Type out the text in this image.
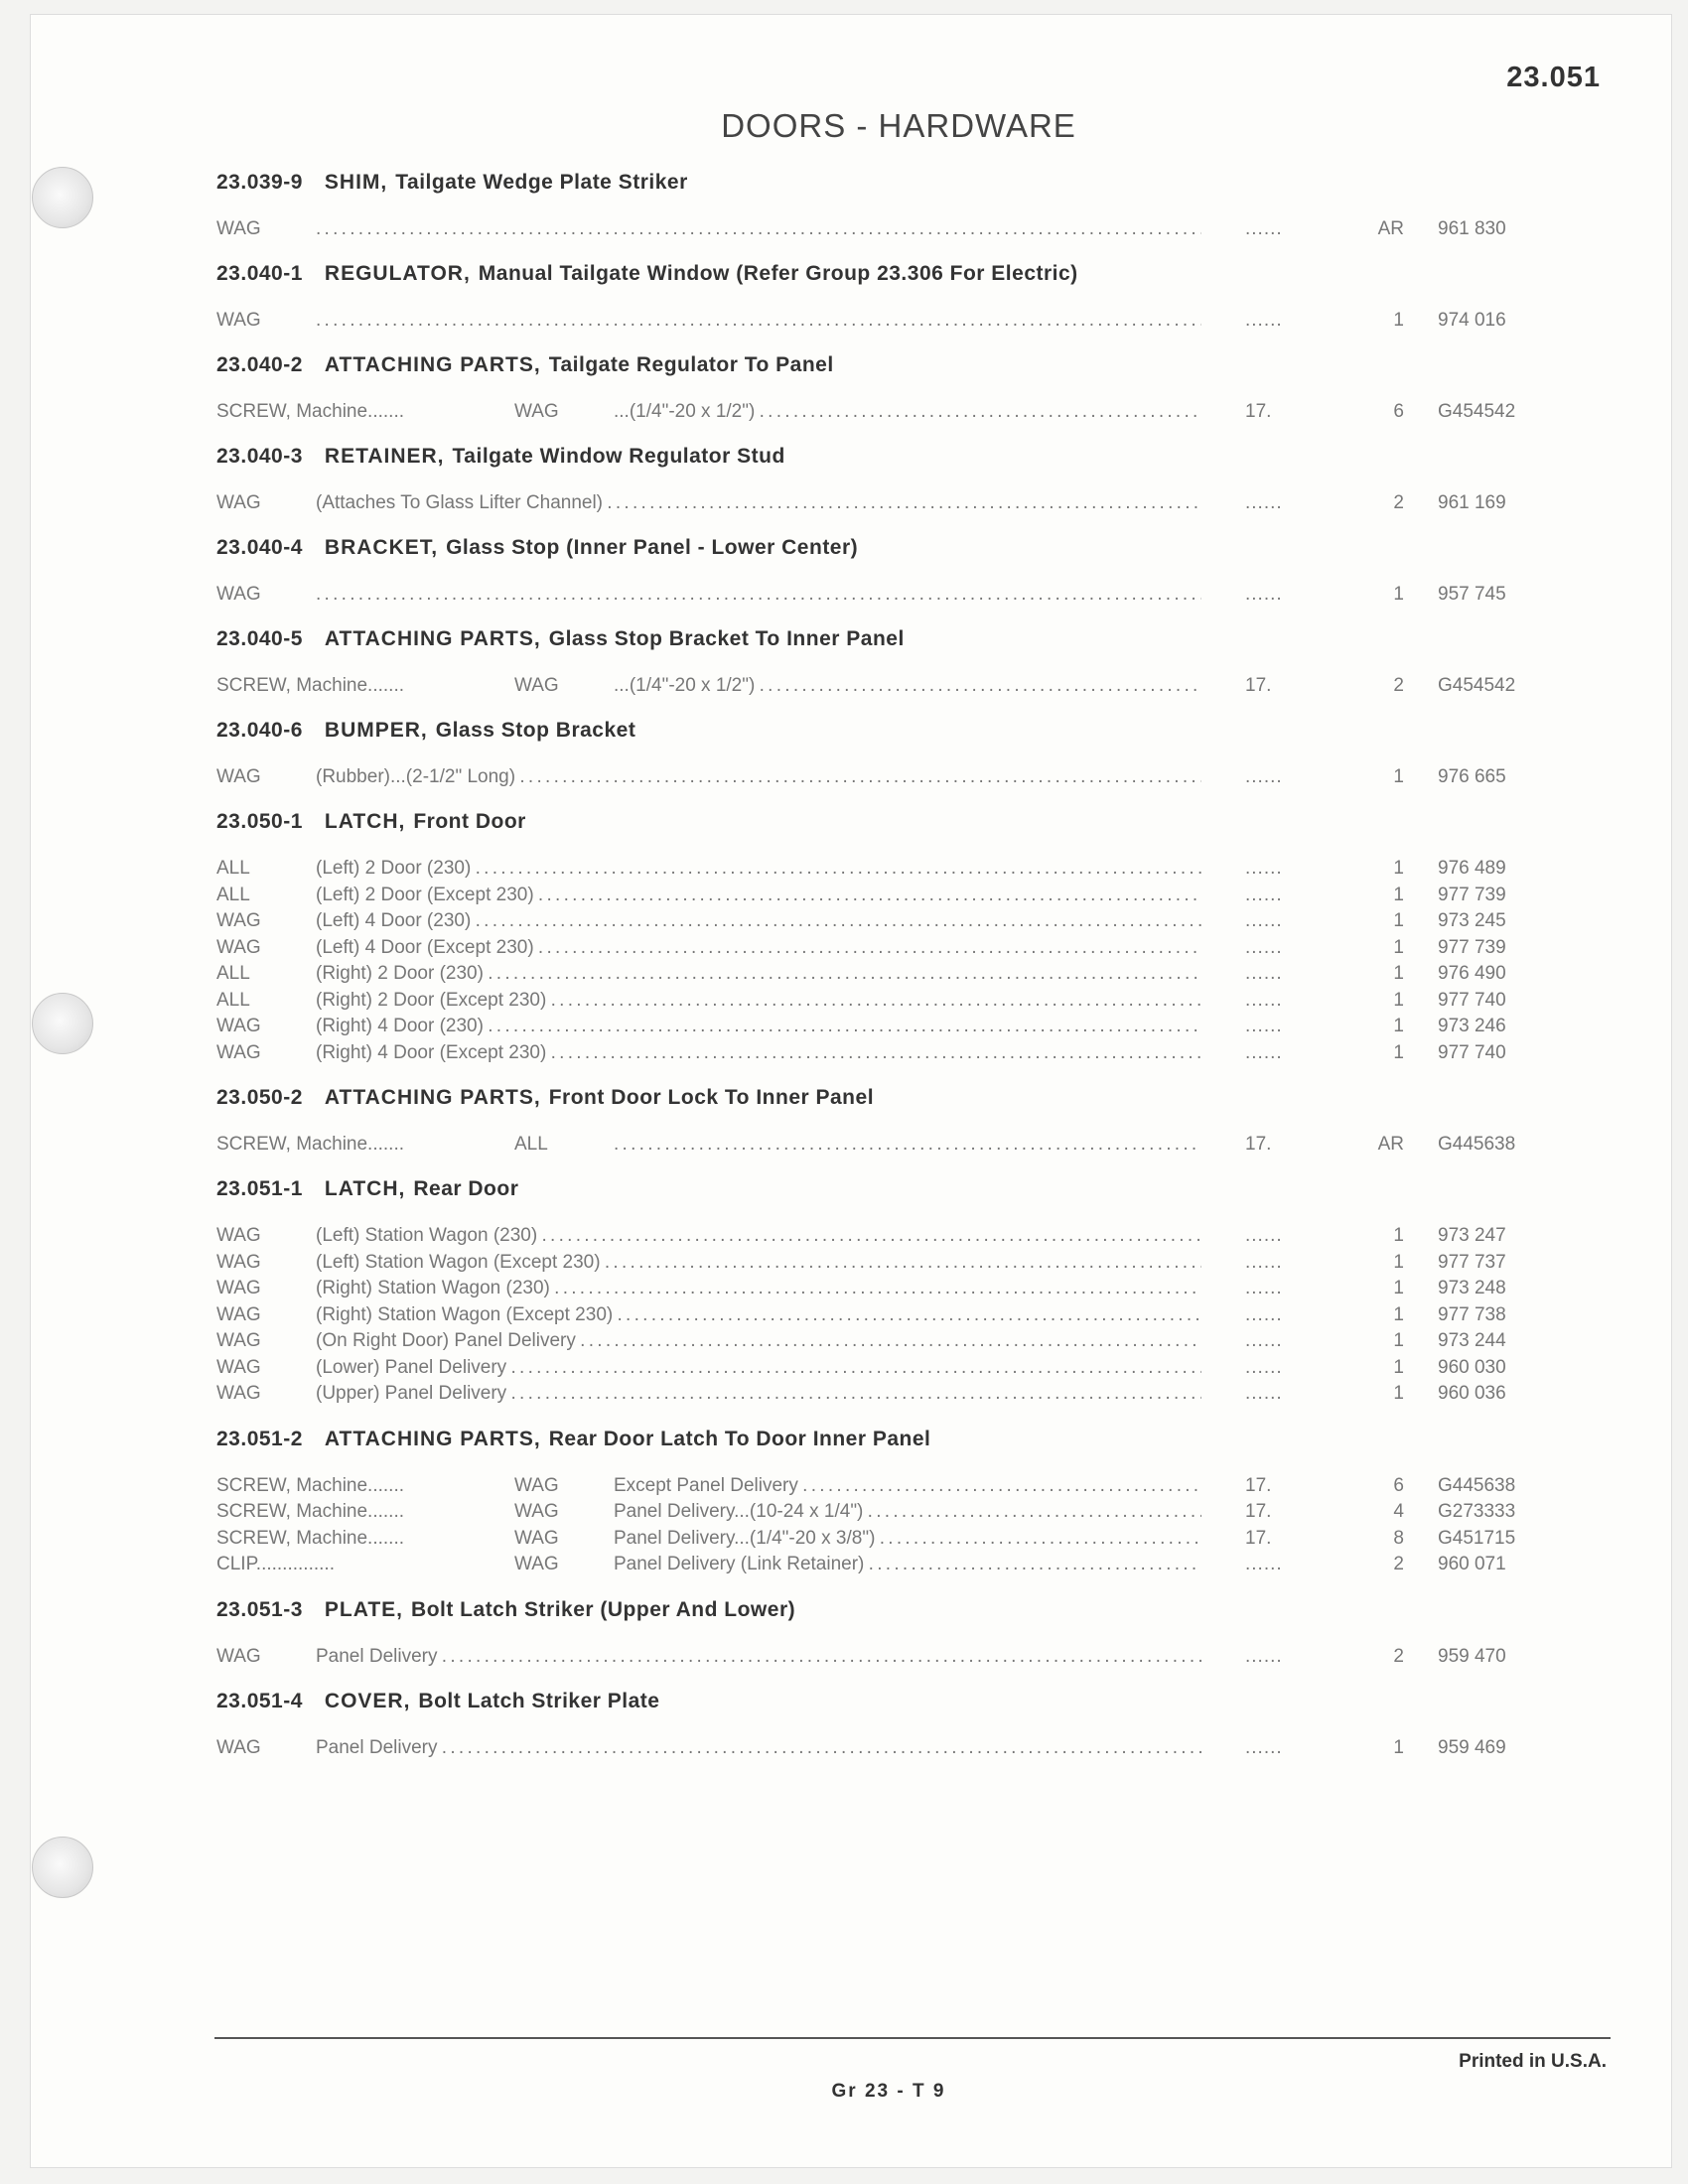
23.051
DOORS - HARDWARE
23.039-9 SHIM, Tailgate Wedge Plate Striker
WAG . . .	......	AR 961 830
23.040-1 REGULATOR, Manual Tailgate Window (Refer Group 23.306 For Electric)
WAG . . .	......	1 974 016
23.040-2 ATTACHING PARTS, Tailgate Regulator To Panel
SCREW, Machine.......	WAG	...(1/4"-20 x 1/2") . . .	17.	6 G454542
23.040-3 RETAINER, Tailgate Window Regulator Stud
WAG	(Attaches To Glass Lifter Channel) . . .	......	2 961 169
23.040-4 BRACKET, Glass Stop (Inner Panel - Lower Center)
WAG . . .	......	1 957 745
23.040-5 ATTACHING PARTS, Glass Stop Bracket To Inner Panel
SCREW, Machine.......	WAG	...(1/4"-20 x 1/2") . . .	17.	2 G454542
23.040-6 BUMPER, Glass Stop Bracket
WAG	(Rubber)...(2-1/2" Long) . . .	......	1 976 665
23.050-1 LATCH, Front Door
ALL	(Left) 2 Door (230) . . .	......	1 976 489
ALL	(Left) 2 Door (Except 230) . . .	......	1 977 739
WAG	(Left) 4 Door (230) . . .	......	1 973 245
WAG	(Left) 4 Door (Except 230) . . .	......	1 977 739
ALL	(Right) 2 Door (230) . . .	......	1 976 490
ALL	(Right) 2 Door (Except 230) . . .	......	1 977 740
WAG	(Right) 4 Door (230) . . .	......	1 973 246
WAG	(Right) 4 Door (Except 230) . . .	......	1 977 740
23.050-2 ATTACHING PARTS, Front Door Lock To Inner Panel
SCREW, Machine.......	ALL . . .	17.	AR G445638
23.051-1 LATCH, Rear Door
WAG	(Left) Station Wagon (230) . . .	......	1 973 247
WAG	(Left) Station Wagon (Except 230) . . .	......	1 977 737
WAG	(Right) Station Wagon (230) . . .	......	1 973 248
WAG	(Right) Station Wagon (Except 230) . . .	......	1 977 738
WAG	(On Right Door) Panel Delivery . . .	......	1 973 244
WAG	(Lower) Panel Delivery . . .	......	1 960 030
WAG	(Upper) Panel Delivery . . .	......	1 960 036
23.051-2 ATTACHING PARTS, Rear Door Latch To Door Inner Panel
SCREW, Machine.......	WAG	Except Panel Delivery . . .	17.	6 G445638
SCREW, Machine.......	WAG	Panel Delivery...(10-24 x 1/4") . . .	17.	4 G273333
SCREW, Machine.......	WAG	Panel Delivery...(1/4"-20 x 3/8") . . .	17.	8 G451715
CLIP...............	WAG	Panel Delivery (Link Retainer) . . .	......	2 960 071
23.051-3 PLATE, Bolt Latch Striker (Upper And Lower)
WAG	Panel Delivery . . .	......	2 959 470
23.051-4 COVER, Bolt Latch Striker Plate
WAG	Panel Delivery . . .	......	1 959 469
Printed in U.S.A.
Gr 23 - T 9
